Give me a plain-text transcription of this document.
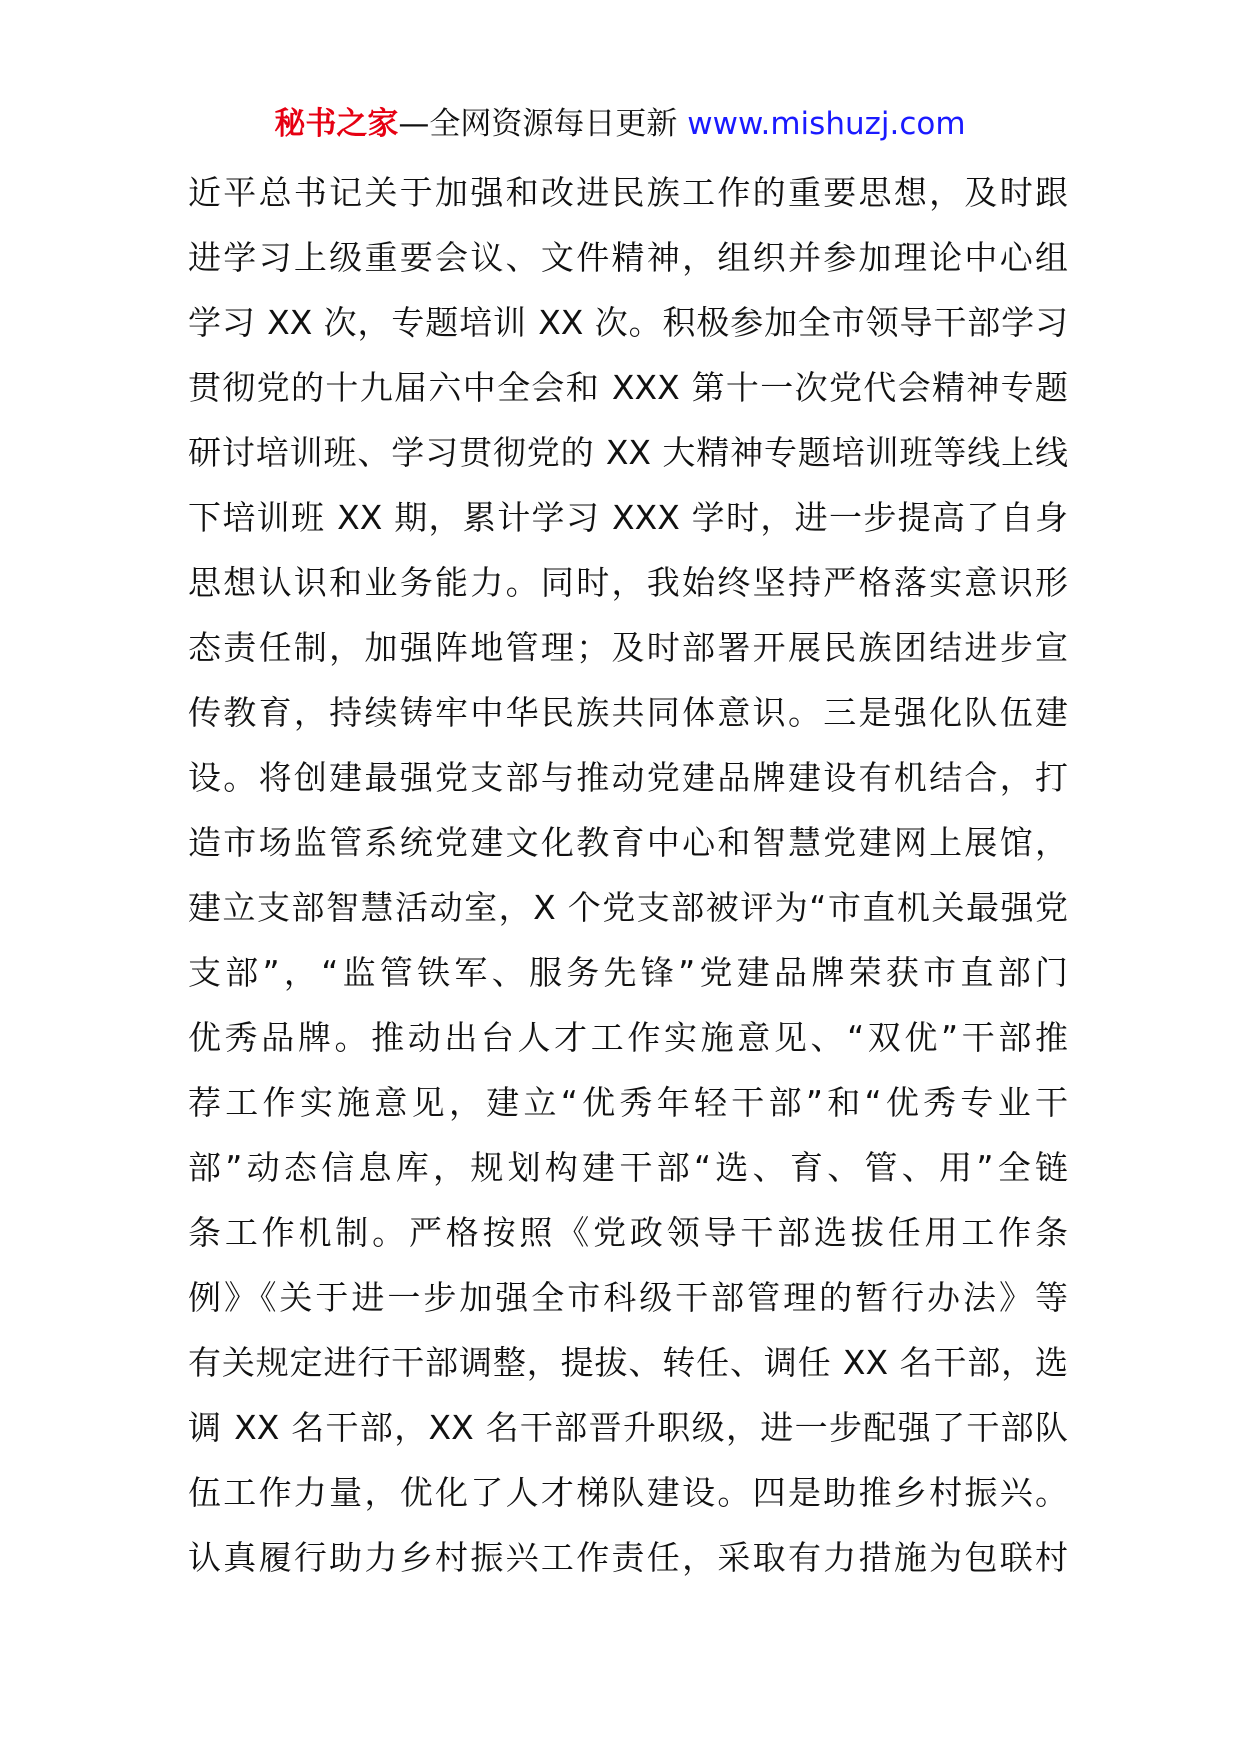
秘书之家—全网资源每日更新 www.mishuzj.com
近平总书记关于加强和改进民族工作的重要思想，及时跟
进学习上级重要会议、文件精神，组织并参加理论中心组
学习 XX 次，专题培训 XX 次。积极参加全市领导干部学习
贯彻党的十九届六中全会和 XXX 第十一次党代会精神专题
研讨培训班、学习贯彻党的 XX 大精神专题培训班等线上线
下培训班 XX 期，累计学习 XXX 学时，进一步提高了自身
思想认识和业务能力。同时，我始终坚持严格落实意识形
态责任制，加强阵地管理；及时部署开展民族团结进步宣
传教育，持续铸牢中华民族共同体意识。三是强化队伍建
设。将创建最强党支部与推动党建品牌建设有机结合，打
造市场监管系统党建文化教育中心和智慧党建网上展馆，
建立支部智慧活动室，X 个党支部被评为“市直机关最强党
支部”，“监管铁军、服务先锋”党建品牌荣获市直部门
优秀品牌。推动出台人才工作实施意见、“双优”干部推
荐工作实施意见，建立“优秀年轻干部”和“优秀专业干
部”动态信息库，规划构建干部“选、育、管、用”全链
条工作机制。严格按照《党政领导干部选拔任用工作条
例》《关于进一步加强全市科级干部管理的暂行办法》等
有关规定进行干部调整，提拔、转任、调任 XX 名干部，选
调 XX 名干部，XX 名干部晋升职级，进一步配强了干部队
伍工作力量，优化了人才梯队建设。四是助推乡村振兴。
认真履行助力乡村振兴工作责任，采取有力措施为包联村
